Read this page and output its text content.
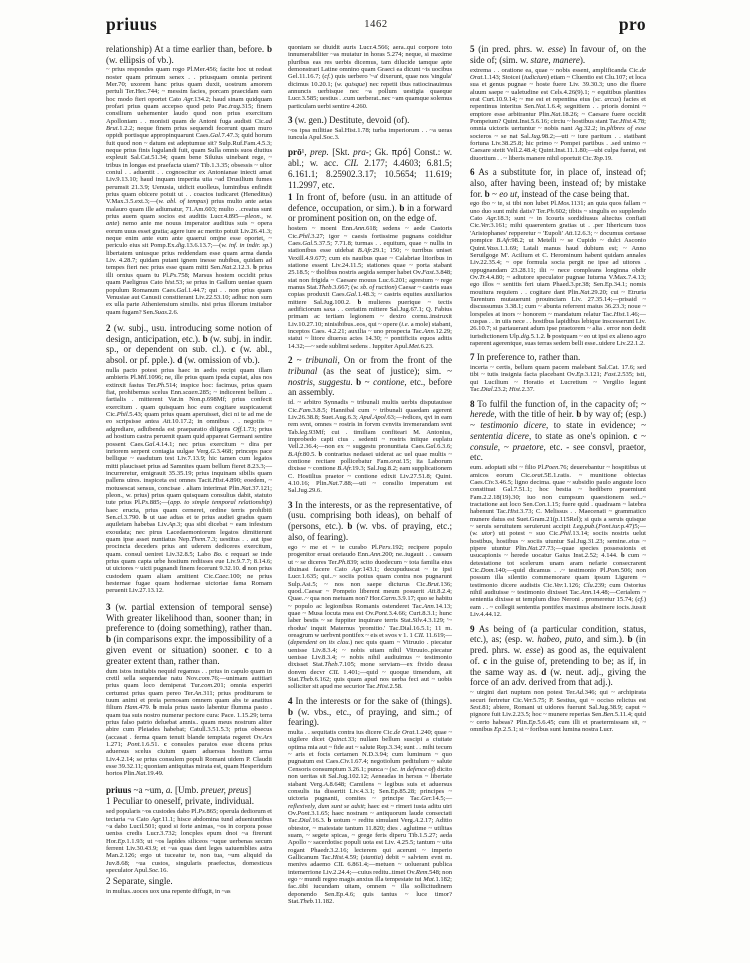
priuus	1462	pro

relationship) At a time earlier than, before. b (w. ellipsis of vb.).

~ prius respondes quam rogo Pl.Mer.456; facite hoc ut redeat noster quam primum senex . . priusquam omnia perirent Mer.70; uxorem hanc prius quam duxit, uostrum amorem pertuli Ter.Hec.744; ~ messim facies, porcam praecidam eam hoc modo fieri oportet Cato Agr.134.2; haud sinam quidquam profari prius quam accepso quod peto Pac.trag.315; finem consilium uehementer laudo quod non prius exercitum Apolloniam . . monisti quam de Antoni fuga audisti Cic.ad Brut.1.2.2; neque finem prius sequendi fecerunt quam muro oppidi portisque appropinquarunt Caes.Gal.7.47.3; quid horum fuit quod non ~ datum est adeptumue sit? Sulp.Ruf.Fam.4.5.3; neque prius finis lugulandi fuit, quam Sulla omnis suos diutius expleuit Sal.Cat.51.34; quam bene Siluius uinebant rege, ~ tribus in longas est praefacta uiam? Tib.1.3.35; obsessis ~ ultor coniul . . aduentit . . cognoscitur ex Antonianae iniecti amat Liv.9.13.10; haud inquam imperita uiia ~ad Drusilium fumes perumsit 21.3.9; Uenusia, uidicit euolleus, luminibus enfindit prius quam obicere potuit ut . . coactos iudicaret (Heneditus) V.Max.3.5.ext.3;—(w. abl. of tempus) prius multo ante aetas malauro quam ille adiumatur, 71.Am.603; multo . .creatus sunt prius auem quam socios est auditis Lucr.4.895—pleon., w. ante) nemo ante me nouus imperator auditius suis ~ opera eorum uuus esset gratia; agere iure ac merito potuit Liv.26.41.3; neque enim ante eum ante quaerui omjne esse oportet, ~ periculo eius sit Pomp.Ex.dig.13.6.13.7;—(w. inf. in indir. sp.) libertatem uniusque prius reddendam esse quam arma danda Liv. 4.28.7; quidam putant ignem inesse nubibus, quidam ad tempes fieri nec prius esse quam mitti Sen.Nat.2.12.3. b prius illi ornius quam tu Pl.Ps.758; Marsus hostem occidit prius quam Paelignus Cato hist.53; se prius in Gallum ueniae quam populum Romanum Caes.Gal.1.44.7; qui . . non prius quam Venusiae aut Canusii constiterant Liv.22.53.10; adhuc non sum ex ulla parte Atheniensium similis. nisi prius illorum imitabor quam fugam? Sen.Suas.2.6.

2 (w. subj., usu. introducing some notion of design, anticipation, etc.). b (w. subj. in indir. sp., or dependent on sub. cl.). c (w. abl., absol. or pf. pple.). d (w. omission of vb.).

nulla pacto potest prius haec in aedis recipi quam illam ambieris Pl.Mil.1096; ne, ille prius quam ipsda cupiat, alus nos extinxit fastus Ter.Ph.514; inspice hoc: facimus, prius quam fiat, prohibemus scelus Enn.scaen.285; ~ indicerent bellum .. fartialis . mitterent Var.in Non.p.698Mf; prius confecit exercitum . quam quisquam hoc eum cogitare suspicauerat Cic.Phil.5.43; quam prius quam aperuisset, dici ni te ad me de eo scripsisse antea Att.10.17.2; in omnibus . . negotiis ~ adgrediare, adhibenda est praeparatio diligens Off.1.73; prius ad hostium castra peruenit quam quid appareat Germani sentire possent Caes.Gal.4.14.1; nec prius exercitum ~ dira per inriorem serpent contagia uulgae Verg.G.3.468; princeps pace bellique ~ easdutum test Liv.7.13.9; hic tamen cum legatos mitti plaucisset prius ad Samnites quam bellum fieret 8.23.3;—incurreretur, emigrauit 35.35.19; prius inquinam sibilis quam pallens uires. inspiceta est omnes Tacit.Hist.4.890; eoedem, ~ motusescat sensus, concisae . aliam interimat Plin.Nat.37.121; pleon., w. prius) prius quam quisquam consulius dabit, statuto tute prius Pl.Ps.885;—(app. to simple temporal relationship) haec eructa, prius quam cerneret, ordine terris prohibiti Sen.cl.3.790. b ut uae adtas et te prius audiei gradus quam aquileiam habebas Liv.Ap.3; qua sibi dicebat ~ eam infestum exoudata; nec pirus Lacedaemoniorum legatos dimitterunt quam ipse asset nuntiatus Nep.Them.7.3; uestitus . . aut ipse procincta deceders prius ant uderem dediceres exercitum, quam. consul ueniret Liv.32.8.5; Labo Bo. c requari se inde prius quam capta urbe hostium rediisses eue Liv.9.7.7; 8.14.6; ut uictores ~ uicti pugnandi finem fecerunt 9.32.10. d non prius custodem quam aliam amittent Cic.Caec.100; ne prius hesternae fugae quam hodiernae uictoriae fama Romam peruenit Liv.27.13.12.

3 (w. partial extension of temporal sense) With greater likelihood than, sooner than; in preference to (doing something), rather than. b (in comparisons expr. the impossibility of a given event or situation) sooner. c to a greater extent than, rather than.

dum istos inuitabis nequid regamus . . prius in capulo quam in cretil sella sequendae natu Nov.com.76;—unimam autitiari prius quam loco demiperat Tur.com.201; omnia experiri certumst prius quam pereo Ter.An.311; prius proditurum te tuum animi et preia pernosam omnem quam abs te anatitus filium Ham.479. b mula prius uasto labentur flumma pasto . quam tua suis nostro numerar pectore cura: Pace. 1.15.29; terra prius falso patrio deluebat amnis.. quam meus nostrum aliter abire cum Pleiades habebat; Catull.3.51.5.3; prius obsecus (accasat . ferma quam tenuit blande temptata regeret Ov.Ars 1.271; Pont.1.6.51. c consules paratos esse dicens prius aduersus scelus ciuium quam aduersus hostium arma Liv.4.2.14; se prius consulem populi Romani uidem P. Claudii esse 39.32.11; quoniam antiquitas mirata est, quam Hesperidum hortos Plin.Nat.19.49.

priuus ~a ~um, a. [Umb. preuer, preus]

1 Peculiar to oneself, private, individual.

sed popularis ~os custodes dabo Pl.Ps.865; operula dediorum et tectaria ~a Cato Agr.11.1; hisce abdomina tund adueniuntibus ~a dabo Lucil.501; quod si forte animas, ~os in corpora posse ueniss credis Lucr.3.732; loncples epum dnoi ~a firerunt Hor.Ep.1.1.93; ut ~os lapides siliceos ~uque uerbenas secum ferrent Liv.30.43.9; et ~as quas dant leges uaiuemblies astra Man.2.126; ergo ut tuceatur te, non tua, ~um aliquid da Juv.8.68; ~ua custos, singularis praefectus, domesticus speculator Apul.Soc.16.

2 Separate, single.

in multas..uoces uox una repente diffugit, in ~as

quoniam se diuidit auris Lucr.4.566; aera..qui corpore toto innumerabiliter ~as mutatur in horas 5.274; neque, si maxime pluribus eas res uerbis dicemus, tam dilucide tamque apte demonstrari Latine omnino quam Graeci ea dicunt ~is uocibus Gel.11.16.7; (cf.) quis uerbero '~a' dixerunt, quae nos 'singula' dicimus 10.20.1; (w. quisque) nec repetii ibus ratiocinauimus annuncis uerbisque nec ~a pollum uestigia quaeque Lucr.3.585; uestius . .cum uerberat..nec ~am quamque solemus particulam uerbi sentire 4.260.

3 (w. gen.) Destitute, devoid (of).

~os ipsa militiae Sal.Hist.1.78; turba imperiorum . . ~a ueras iuncula Apul.Soc.3.

prō¹, prep. [Skt. pra-; Gk. πρό] Const.: w. abl.; w. acc. CIL 2.177; 4.4603; 6.81.5; 6.161.1; 8.25902.3.17; 10.5654; 11.619; 11.2997, etc.

1 In front of, before (usu. in an attitude of defence, occupation, or sim.). b in a forward or prominent position on, on the edge of.

hostem ~ moeni Enn.Ann.618; sedens ~ aede Castoris Cic.Phil.3.27; igor ~ caesis fortissime pugnans coididtur Caes.Gal.5.37.5; 7.71.8; turmas . . equitum, quae ~ nullis in stationibus esse uidebat B.Afr.29.1; 150; ~ turribus uniset Vexill.4.9.677; cum eis nauibus quae ~ Calabriae litoribus in statione essent Liv.24.11.5; stationes quae ~ porta stabant 25.18.5; ~ tholibus nostris aegida semper habet Ov.Fast.3.848; stat non frigida ~ Caesare mouus Luc.6.201; agrestum ~ rege manus Stat.Theb.3.667; (w. sb. of ruction) Caesar ~ castris suas copias produxit Caes.Gal.1.48.3; ~ castris equites auxiliarios mittere Sal.Jug.100.2. b mulieres puerique ~ tectis aedificiorum saxa . . certatim mittere Sal.Jug.67.1; Q. Fabius primam ac tertiam legionem ~ dextro cornu..instruxit Liv.10.27.10; ninisibibus..eos, qui ~ opere (i.e. a mole) stabant, inceptos Caes. 4.2.21; auxilia ~ uno prospecta Tac.Ann.12.29; statui ~ litore diuersu actes 14.30; ~ pontificiis equos aditis 14.32;—~ sede sublimi sedens . Iuppiter Apul.Met.6.23.

2 ~ tribunali, On or from the front of the tribunal (as the seat of justice); sim. ~ nostris, suggestu. b ~ contione, etc., before an assembly.

id. ~ arbitro Synnadis ~ tribunali multis uerbis disputauisse Cic.Fam.3.8.5; Hannibal cum ~ tribunali quaedam agerent Liv.26.38.8; Suet.Aug.6.3; Apul.Apol.63;—ivdices, qvi in eam rem svnt, omnes ~ rostris in forvm cvnvits invmerandam svnt Tab.leg.93Mf; cui . timiliam confiteari M. Antonius, improbedo capti cius . sedenti ~ rostris iniique euplatu Vell.2.36.4;—non ex ~ suggestu pronuntiata Caes.Gal.6.3.6; B.Afr.80.5. b contrarius nedasei uiderat ac uel quae multis ~ contione recitare pollicebatur Fam.orat.15; ita Laborum dixisse ~ contione B.Afr.19.3; Sal.Jug.8.2; eam supplicationem C. Hostilius praetor ~ contione edixit Liv.27.51.8; Quint. 4.10.16; Plin.Nat.7.88;—uti ~ consilio imperatum est Sal.Jug.29.6.

3 In the interests, or as the representative, of (usu. comprising both ideas), on behalf of (persons, etc.). b (w. vbs. of praying, etc.; also, of fearing).

ego ~ me et ~ te curabo Pl.Pers.192; recipere populo progenitor eruat oreiaudo Enn.Ann.200; ne..iugauit . . cassam ut ~ se diceres Ter.Ph.839; scito duodecum ~ tota familia eius diuinasi facere Cato Agr.143.1; decupuduscat ~ te ipsi Lucr.1.635; qui..~ sociis potius quam contra nos pugnarunt Sulp.Asi.5; ~ nos non saepe dicturus Cic.Brut.136; quod..Caesar ~ Pompeio liberent meum posuerit Att.8.2.4; Quae..~ qua non metuam non? Hor.Carm.3.9.17; quo se habitu ~ populo ac legionibus Romanis ostenderet Tac.Ann.14.13; quae ~ Musa locuta mea est Ov.Pont.3.4.66; Curt.8.3.1; hunc laber bestis ~ se fuppiter inquirare terris Stat.Silv.4.3.129; '~ rhodus' inquit Maternus 'promitio.' Tac.Dial.16.5.1; 11 m. oreagrum w uerbvnt pontifex ~ eis et svos v 1. 1 CIL 11.619;—(dependent on its clau.) nec quis quam ~ Vitruuio . piecatur uenisse Liv.8.3.4; ~ nobis uitam nihil Vitruuio..piecatur uenisse Liv.8.3.4; ~ nobis nihil audiuimus ~ testimonio dixisset Stat.Theb.7.105; mone serviam—ex fivido deasa donvm decvr CIL 1.401;—quid ~ quoque timendum, ait Stat.Theb.6.162; quis quam apud nos uerba feci aut ~ uobis solliciter sit apud me securior Tac.Hist.2.58.

4 In the interests or for the sake of (things). b (w. vbs., etc., of praying, and sim.; of fearing).

multa . . sequitatis contra ius dicere Cic.de Orat.1.240; quae ~ uigilere dicet Quinct.33; nullam bellum suscipi a ciuitate optima mia aut ~ fide aut ~ salute Rep.3.34; sunt . . mihi tecum ~ aris et focis certamen N.D.3.94; cum luminum ~ quo pugnatum est Caes.Civ.1.67.4; negotiolum peditulum ~ salute Censoris consumptum 3.26.1; punca ~ (sc. in defence of) dicito non ueritas sit Sal.Jug.102.12; Aeneadas in hersus ~ libertate stabant Verg.A.8.648; Camilens ~ legibus suis et aduersus consulis ita dissertit Liv.4.3.1; Sen.Ep.85.28; principes ~ uictoria pugnanti, comites ~ principe Tac.Ger.14.5;—reflexively, dum sunt se adsit; haec est ~ rimeri iusta aditu uiri Ov.Pont.3.1.65; haec nostram ~ antiquorum laude consectati Tac.Dial.16.3. b uotum ~ reditu simulant Verg.A.2.17; Aditio obtestor, ~ maiestate tantum 11.820; dies . aglutime ~ utilitas suam, ~ segete spicas, ~ grege feris diperu Tib.1.5.27; aeda Apollo ~ sacerdotisc populi uota est Liv. 4.25.5; tantum ~ uita rogant Phaedr.3.2.16; lecterem qui acerunt ~ imperio Gallicanum Tac.Hist.4.59; (stantia) debit ~ salvtem evnt m. menivs adaemo CIL 6.861.4;—metuen ~ uoluerant publica intemerrione Liv.2.24.4;—cuius reditu..timet Ov.Rem.548; non ego ~ mundi regno magis anxius illa tempestate tui Mat.1.182; fac..tibi iucundam uitam, omnem ~ illa sollicitudinem deponendo Sen.Ep.4.6; quis tantus ~ luce timor? Stat.Theb.11.182.

5 (in pred. phrs. w. esse) In favour of, on the side of; (sim. w. stare, manere).

extrema . . oratione ea, quae ~ nobis essent, amplificanda Cic.de Orat.1.143; Stoicei (iudicium) etiam ~ Cluentio est Clu.107; et loca sua et genus pugnae ~ hoste fuere Liv. 39.30.3; uno die fluere aluum saepe ~ ualetudine est Cels.4.26(9).1; ~ equitibus planities erat Curt.10.9.14; ~ me est et repentina eius (sc. arcus) facies et repentinus interitus Sen.Nat.1.6.4; segnitiem . . prioris domini ~ emptore esse arbitrantur Plin.Nat.18.26; ~ Caesare fuere occidit Pompeium? Quint.Inst.5.6.16; circiu ~ hostibus stant Tac.Hist.4.78; omnia uictoris uertuntur ~ nobis nant Ag.32.2; in.plibres of esse socieros ~ se nat Sal.Jug.98.2;—uti ~ iure paritum . . statibant fortuna Liv.38.25.8; hic primo ~ Pompei partibus . .sed unimo ~ Caesare stetit Vell.2.48.4; Quint.Inst.11.1.80;—ubi culpa fuerat, est diuortium . . ~ liberis manere nihil oportuit Cic.Top.19.

6 As a substitute for, in place of, instead of; also, after having been, instead of; by mistake for. b ~ eo ut, instead of the case being that.

ego ibo ~ te, si tibi non lubet Pl.Mos.1131; an quia quos fallam ~ uno duo sunt mihi datis? Ter.Ph.602; tibiis ~ singulis eo supplendo Cato Agr.18.3; sunt ~ in Icouris sordidiusus altectus confiati Cic.Ver.3.161; mihi quaerentem gratias ut . .per Ithericum tuos 'Aristophanes' repperetur ~ 'Eupoli' Att.12.6.3; ~ documus certasse pompice B.Afr.98.2; ut Metelli ~ se Cupido ~ dulci Asconio Quint.Vass.1.1.69; Latali manus haud dubium est; ~ Anno Seruilgoge M'. Acilium et C. Herominum habent quidam annales Liv.22.35.4; ~ ope formula socia pergit ne ipse ad uitores . oppugnandam 23.28.11; ilii ~ nece compleans longinna obdir Ov.Tr.4.4.80; ~ adiutore speculator pugnae Iuturna V.Max.7.4.13; ego illos ~ sentitis feri uiam Phaed.3.pr.38; Sen.Ep.34.1; nomis mouitura requiem . . cogitare dant Plin.Nat.29.20; cui ~ Etruria Tarentum mutauerunt prouinciam Liv. 27.35.14;—prisaid ~ discussumus 3.38.1; cum ~ abunta referrent maius 36.23.3; noue ~ lorspeles at inors ~ honorem ~ mandatum relatur Tac.Hist.1.46;—cuspas . . in uiis nece . . hostibus lapidibus lebique inscesserunt Liv. 26.10.7; si pariauerant adum ipse praetorem ~ alia . error non dedit iurisdictionem Ulp.dig.5.1.2. b postquam ~ eo ut ipsi ex alieno agro raperent agerentque, suas terras sedem belli esse..uidere Liv.22.1.2.

7 In preference to, rather than.

incerta ~ certis, bellum quam pacem malebant Sal.Cat. 17.6; sed tibi ~ tutis insignia facta placebant Ov.Ep.3.121; Fast.2.535; isti, qui Lucilium ~ Horatio et Lucretium ~ Vergilio legunt Tac.Dial.23.2; Hist.2.37.

8 To fulfil the function of, in the capacity of; ~ herede, with the title of heir. b by way of; (esp.) ~ testimonio dicere, to state in evidence; ~ sententia dicere, to state as one's opinion. c ~ consule, ~ praetore, etc. - see consvl, praetor, etc.

eum. adoptati sibi ~ filio Pl.Poen.76; deuerebantur ~ hospitibus ut amicos eorum Cic.orat.5E.1.ratis. ~ munitione obiectas Caes.Civ.3.46.5; ligno decima. quae ~ subsidio paulo anguste loco constituat Gal.7.51.1; hoc bestia ~ hedibero praemiunt Fam.2.2.18(19).30; iuo non cumpsum quaestionem sed..~ tractatione aut loco Sen.Con.1.15; fuere quid . quadraam ~ latebra habenunt Tac.Hist.3.73; C. Melissus . . Maecenati ~ grammatico munere datus est Suet.Gram.21(p.115Rel); si quis a seruis quisque ~ seruis seruitutem seruierunt accipit Leg.pub.(Font.iur.p.47)5;—(w. utor) uti potest ~ suo Cic.Phil.13.14; sociis nostris uelut hostibus, hostibus ~ sociis utuntur Sal.Jug.31.23; semine..eius ~ pipere utuntur Plin.Nat.27.73;—quae species possessionis et usucapionis ~ herede uocatur Gaius Inst.2.52; 4.144. b cum ~ detestatione tot scelerum unam aram nefarie consecrarent Cic.Dom.140;—quid dicamus . .~ testimonio Pl.Pom.506; non possum illa silentio commemorare quam ipsum Ligurem ~ testimonio dicere audistis Cic.Ver.1.126; Clu.239; cum Ostorius nihil audiuisse ~ testimonio dixisset Tac.Ann.14.48;—Cerialem ~ sententia dixisse ut templum diuo Neroni . promeretur 15.74; (cf.) eam . . ~ collegii sententia pontifex maximus abstinere iocis..iussit Liv.4.44.12.

9 As being of (a particular condition, status, etc.), as; (esp. w. habeo, puto, and sim.). b (in pred. phrs. w. esse) as good as, the equivalent of. c in the guise of, pretending to be; as if, in the same way as. d (w. neut. adj., giving the force of an adv. derived from that adj.).

~ uirgini dari nuptum non potest Ter.Ad.346; qui ~ archipirata securi feriretur Cic.Ver.5.75; P. Sestius, qui ~ occiso relictus est Sest.81; abiere, Romani ut uidores fuerunt Sal.Jug.38.9; caput ~ pignore fuit Liv.2.23.5; hoc ~ munere reperias Sen.Ben.5.11.4; quid ~ certo habeas? Plin.Ep.5.6.45; cum illi et praetermissam sit, ~ omnibus Ep.2.5.1; si ~ foribus sunt lumina nostra Lucr.
